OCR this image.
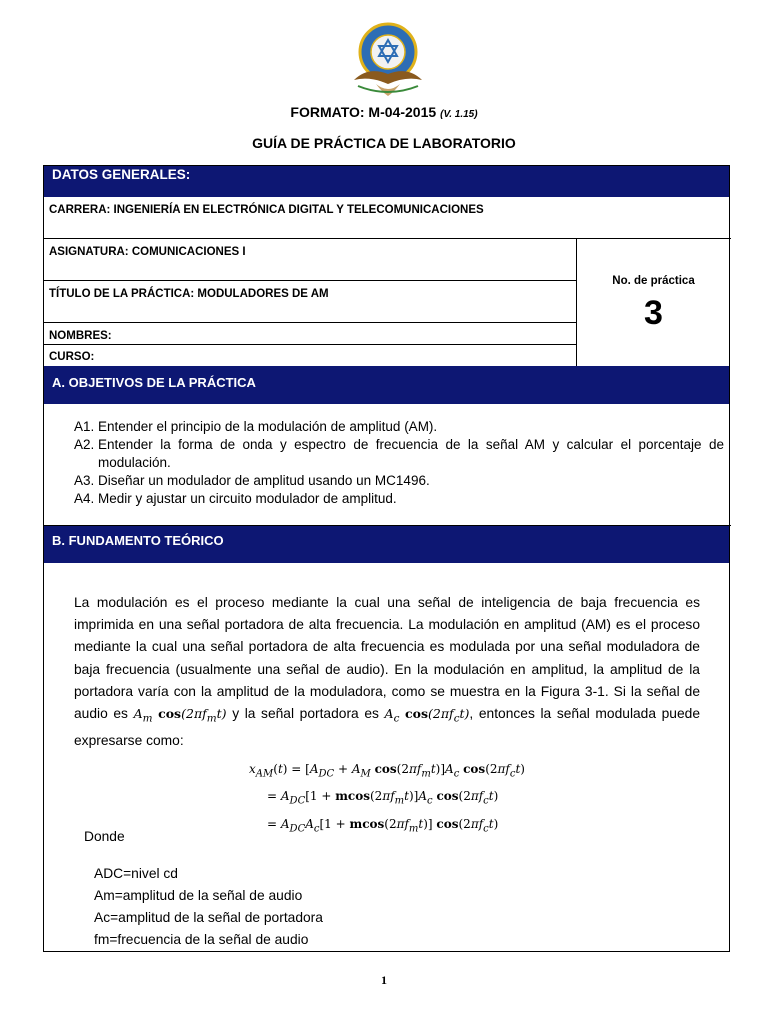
FORMATO: M-04-2015 (V. 1.15)
GUÍA DE PRÁCTICA DE LABORATORIO
DATOS GENERALES:
CARRERA: INGENIERÍA EN ELECTRÓNICA DIGITAL Y TELECOMUNICACIONES
ASIGNATURA: COMUNICACIONES I
TÍTULO DE LA PRÁCTICA: MODULADORES DE AM
NOMBRES:
CURSO:
No. de práctica
3
A. OBJETIVOS DE LA PRÁCTICA
A1. Entender el principio de la modulación de amplitud (AM).
A2. Entender la forma de onda y espectro de frecuencia de la señal AM y calcular el porcentaje de modulación.
A3. Diseñar un modulador de amplitud usando un MC1496.
A4. Medir y ajustar un circuito modulador de amplitud.
B. FUNDAMENTO TEÓRICO
La modulación es el proceso mediante la cual una señal de inteligencia de baja frecuencia es imprimida en una señal portadora de alta frecuencia. La modulación en amplitud (AM) es el proceso mediante la cual una señal portadora de alta frecuencia es modulada por una señal moduladora de baja frecuencia (usualmente una señal de audio). En la modulación en amplitud, la amplitud de la portadora varía con la amplitud de la moduladora, como se muestra en la Figura 3-1. Si la señal de audio es $A_m$ $\cos(2\pi f_mt)$ y la señal portadora es $A_c$ $\cos(2\pi f_ct)$, entonces la señal modulada puede expresarse como:
$x_{AM}(t) = [A_{DC} + A_M$ $\cos(2\pi f_mt)]A_c$ $\cos(2\pi f_ct)$
= $A_{DC}[1 + mcos(2\pi f_mt)]A_c$ $\cos(2\pi f_ct)$
= $A_{DC}A_c[1 + mcos(2\pi f_mt)]$ $\cos(2\pi f_ct)$
Donde
ADC=nivel cd
Am=amplitud de la señal de audio
Ac=amplitud de la señal de portadora
fm=frecuencia de la señal de audio
1
